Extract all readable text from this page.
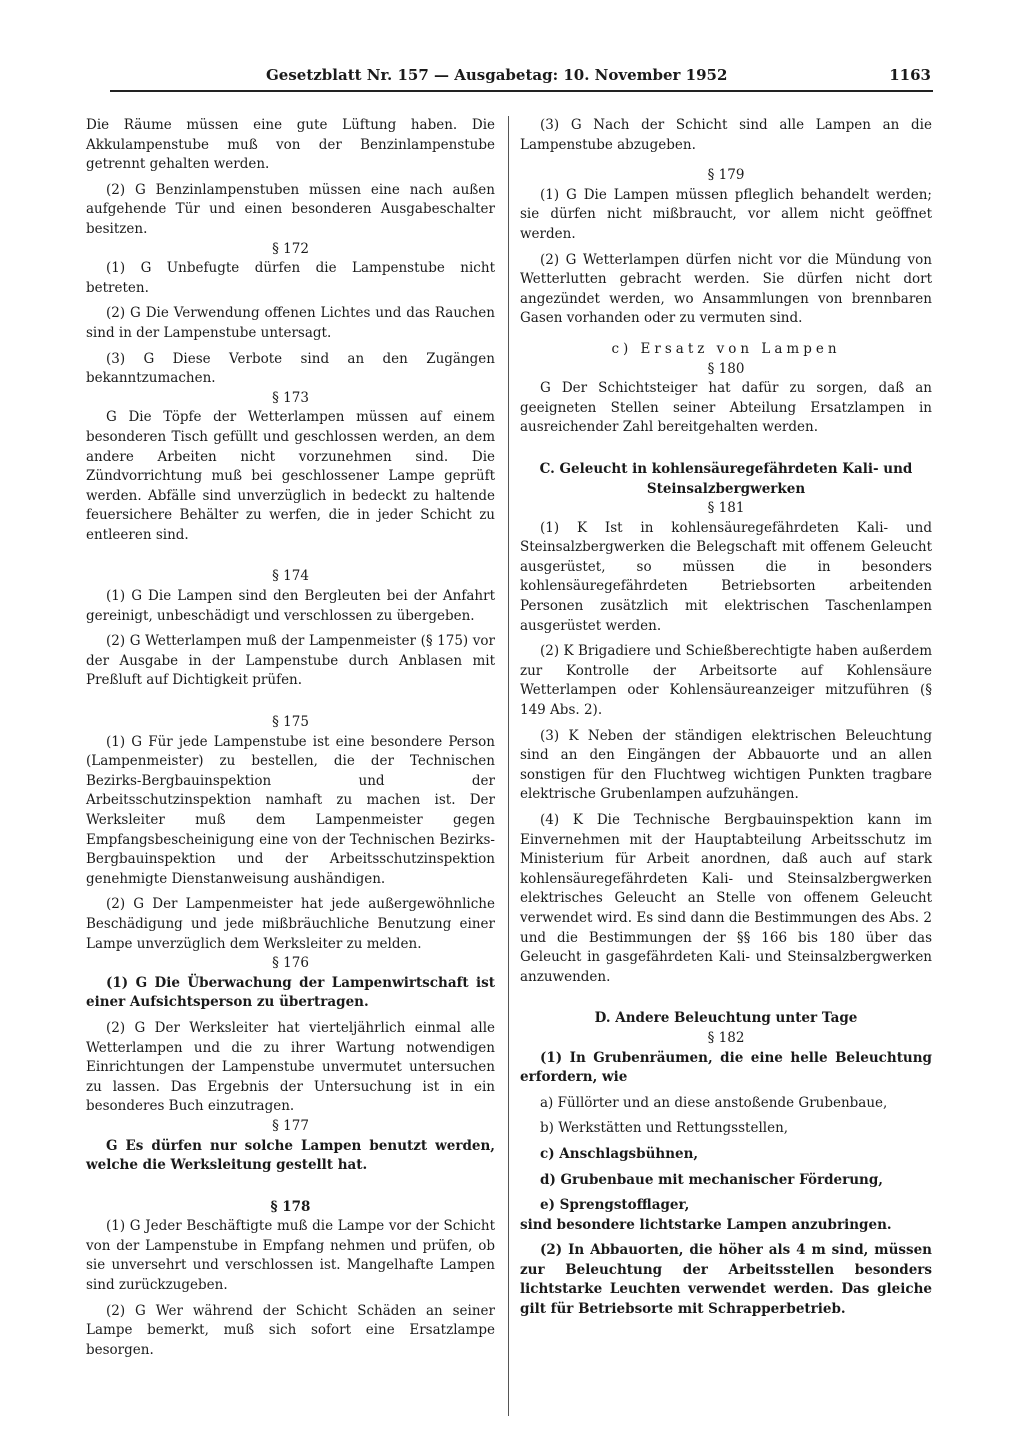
Gesetzblatt Nr. 157 — Ausgabetag: 10. November 1952	1163

Die Räume müssen eine gute Lüftung haben. Die Akkulampenstube muß von der Benzinlampenstube getrennt gehalten werden.

(2) G Benzinlampenstuben müssen eine nach außen aufgehende Tür und einen besonderen Ausgabeschalter besitzen.

§ 172

(1) G Unbefugte dürfen die Lampenstube nicht betreten.

(2) G Die Verwendung offenen Lichtes und das Rauchen sind in der Lampenstube untersagt.

(3) G Diese Verbote sind an den Zugängen bekanntzumachen.

§ 173

G Die Töpfe der Wetterlampen müssen auf einem besonderen Tisch gefüllt und geschlossen werden, an dem andere Arbeiten nicht vorzunehmen sind. Die Zündvorrichtung muß bei geschlossener Lampe geprüft werden. Abfälle sind unverzüglich in bedeckt zu haltende feuersichere Behälter zu werfen, die in jeder Schicht zu entleeren sind.

§ 174

(1) G Die Lampen sind den Bergleuten bei der Anfahrt gereinigt, unbeschädigt und verschlossen zu übergeben.

(2) G Wetterlampen muß der Lampenmeister (§ 175) vor der Ausgabe in der Lampenstube durch Anblasen mit Preßluft auf Dichtigkeit prüfen.

§ 175

(1) G Für jede Lampenstube ist eine besondere Person (Lampenmeister) zu bestellen, die der Technischen Bezirks-Bergbauinspektion und der Arbeitsschutzinspektion namhaft zu machen ist. Der Werksleiter muß dem Lampenmeister gegen Empfangsbescheinigung eine von der Technischen Bezirks-Bergbauinspektion und der Arbeitsschutzinspektion genehmigte Dienstanweisung aushändigen.

(2) G Der Lampenmeister hat jede außergewöhnliche Beschädigung und jede mißbräuchliche Benutzung einer Lampe unverzüglich dem Werksleiter zu melden.

§ 176

(1) G Die Überwachung der Lampenwirtschaft ist einer Aufsichtsperson zu übertragen.

(2) G Der Werksleiter hat vierteljährlich einmal alle Wetterlampen und die zu ihrer Wartung notwendigen Einrichtungen der Lampenstube unvermutet untersuchen zu lassen. Das Ergebnis der Untersuchung ist in ein besonderes Buch einzutragen.

§ 177

G Es dürfen nur solche Lampen benutzt werden, welche die Werksleitung gestellt hat.

§ 178

(1) G Jeder Beschäftigte muß die Lampe vor der Schicht von der Lampenstube in Empfang nehmen und prüfen, ob sie unversehrt und verschlossen ist. Mangelhafte Lampen sind zurückzugeben.

(2) G Wer während der Schicht Schäden an seiner Lampe bemerkt, muß sich sofort eine Ersatzlampe besorgen.

(3) G Nach der Schicht sind alle Lampen an die Lampenstube abzugeben.

§ 179

(1) G Die Lampen müssen pfleglich behandelt werden; sie dürfen nicht mißbraucht, vor allem nicht geöffnet werden.

(2) G Wetterlampen dürfen nicht vor die Mündung von Wetterlutten gebracht werden. Sie dürfen nicht dort angezündet werden, wo Ansammlungen von brennbaren Gasen vorhanden oder zu vermuten sind.

c) Ersatz von Lampen

§ 180

G Der Schichtsteiger hat dafür zu sorgen, daß an geeigneten Stellen seiner Abteilung Ersatzlampen in ausreichender Zahl bereitgehalten werden.

C. Geleucht in kohlensäuregefährdeten Kali- und Steinsalzbergwerken

§ 181

(1) K Ist in kohlensäuregefährdeten Kali- und Steinsalzbergwerken die Belegschaft mit offenem Geleucht ausgerüstet, so müssen die in besonders kohlensäuregefährdeten Betriebsorten arbeitenden Personen zusätzlich mit elektrischen Taschenlampen ausgerüstet werden.

(2) K Brigadiere und Schießberechtigte haben außerdem zur Kontrolle der Arbeitsorte auf Kohlensäure Wetterlampen oder Kohlensäureanzeiger mitzuführen (§ 149 Abs. 2).

(3) K Neben der ständigen elektrischen Beleuchtung sind an den Eingängen der Abbauorte und an allen sonstigen für den Fluchtweg wichtigen Punkten tragbare elektrische Grubenlampen aufzuhängen.

(4) K Die Technische Bergbauinspektion kann im Einvernehmen mit der Hauptabteilung Arbeitsschutz im Ministerium für Arbeit anordnen, daß auch auf stark kohlensäuregefährdeten Kali- und Steinsalzbergwerken elektrisches Geleucht an Stelle von offenem Geleucht verwendet wird. Es sind dann die Bestimmungen des Abs. 2 und die Bestimmungen der §§ 166 bis 180 über das Geleucht in gasgefährdeten Kali- und Steinsalzbergwerken anzuwenden.

D. Andere Beleuchtung unter Tage

§ 182

(1) In Grubenräumen, die eine helle Beleuchtung erfordern, wie

a) Füllörter und an diese anstoßende Grubenbaue,

b) Werkstätten und Rettungsstellen,

c) Anschlagsbühnen,

d) Grubenbaue mit mechanischer Förderung,

e) Sprengstofflager,

sind besondere lichtstarke Lampen anzubringen.

(2) In Abbauorten, die höher als 4 m sind, müssen zur Beleuchtung der Arbeitsstellen besonders lichtstarke Leuchten verwendet werden. Das gleiche gilt für Betriebsorte mit Schrapperbetrieb.
